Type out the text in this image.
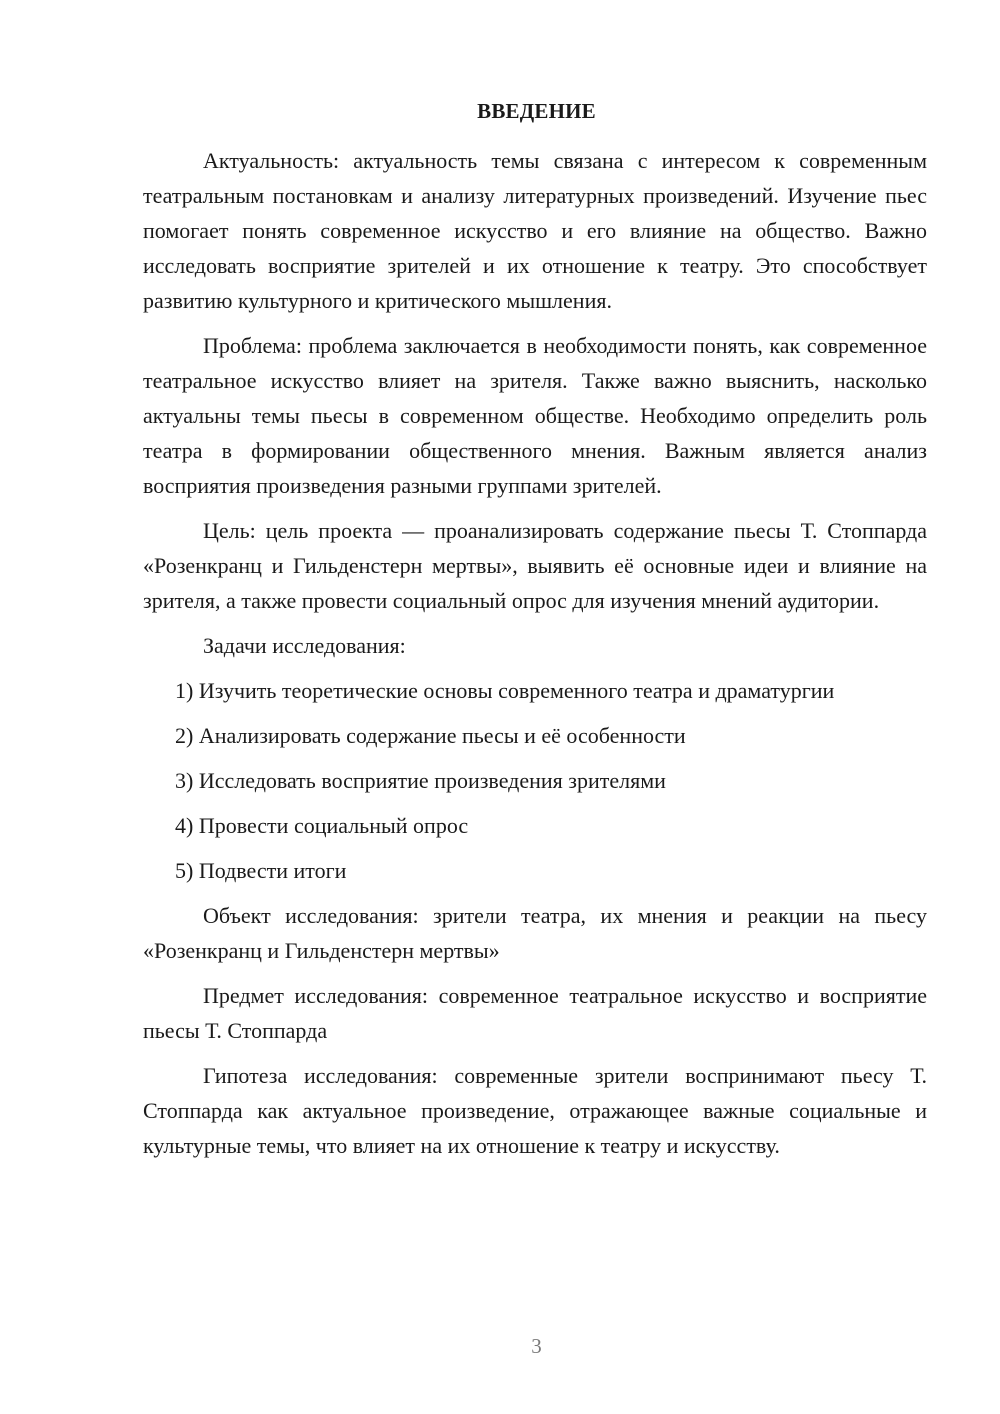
ВВЕДЕНИЕ

Актуальность: актуальность темы связана с интересом к современным театральным постановкам и анализу литературных произведений. Изучение пьес помогает понять современное искусство и его влияние на общество. Важно исследовать восприятие зрителей и их отношение к театру. Это способствует развитию культурного и критического мышления.

Проблема: проблема заключается в необходимости понять, как современное театральное искусство влияет на зрителя. Также важно выяснить, насколько актуальны темы пьесы в современном обществе. Необходимо определить роль театра в формировании общественного мнения. Важным является анализ восприятия произведения разными группами зрителей.

Цель: цель проекта — проанализировать содержание пьесы Т. Стоппарда «Розенкранц и Гильденстерн мертвы», выявить её основные идеи и влияние на зрителя, а также провести социальный опрос для изучения мнений аудитории.

Задачи исследования:

1) Изучить теоретические основы современного театра и драматургии
2) Анализировать содержание пьесы и её особенности
3) Исследовать восприятие произведения зрителями
4) Провести социальный опрос
5) Подвести итоги

Объект исследования: зрители театра, их мнения и реакции на пьесу «Розенкранц и Гильденстерн мертвы»

Предмет исследования: современное театральное искусство и восприятие пьесы Т. Стоппарда

Гипотеза исследования: современные зрители воспринимают пьесу Т. Стоппарда как актуальное произведение, отражающее важные социальные и культурные темы, что влияет на их отношение к театру и искусству.

3
